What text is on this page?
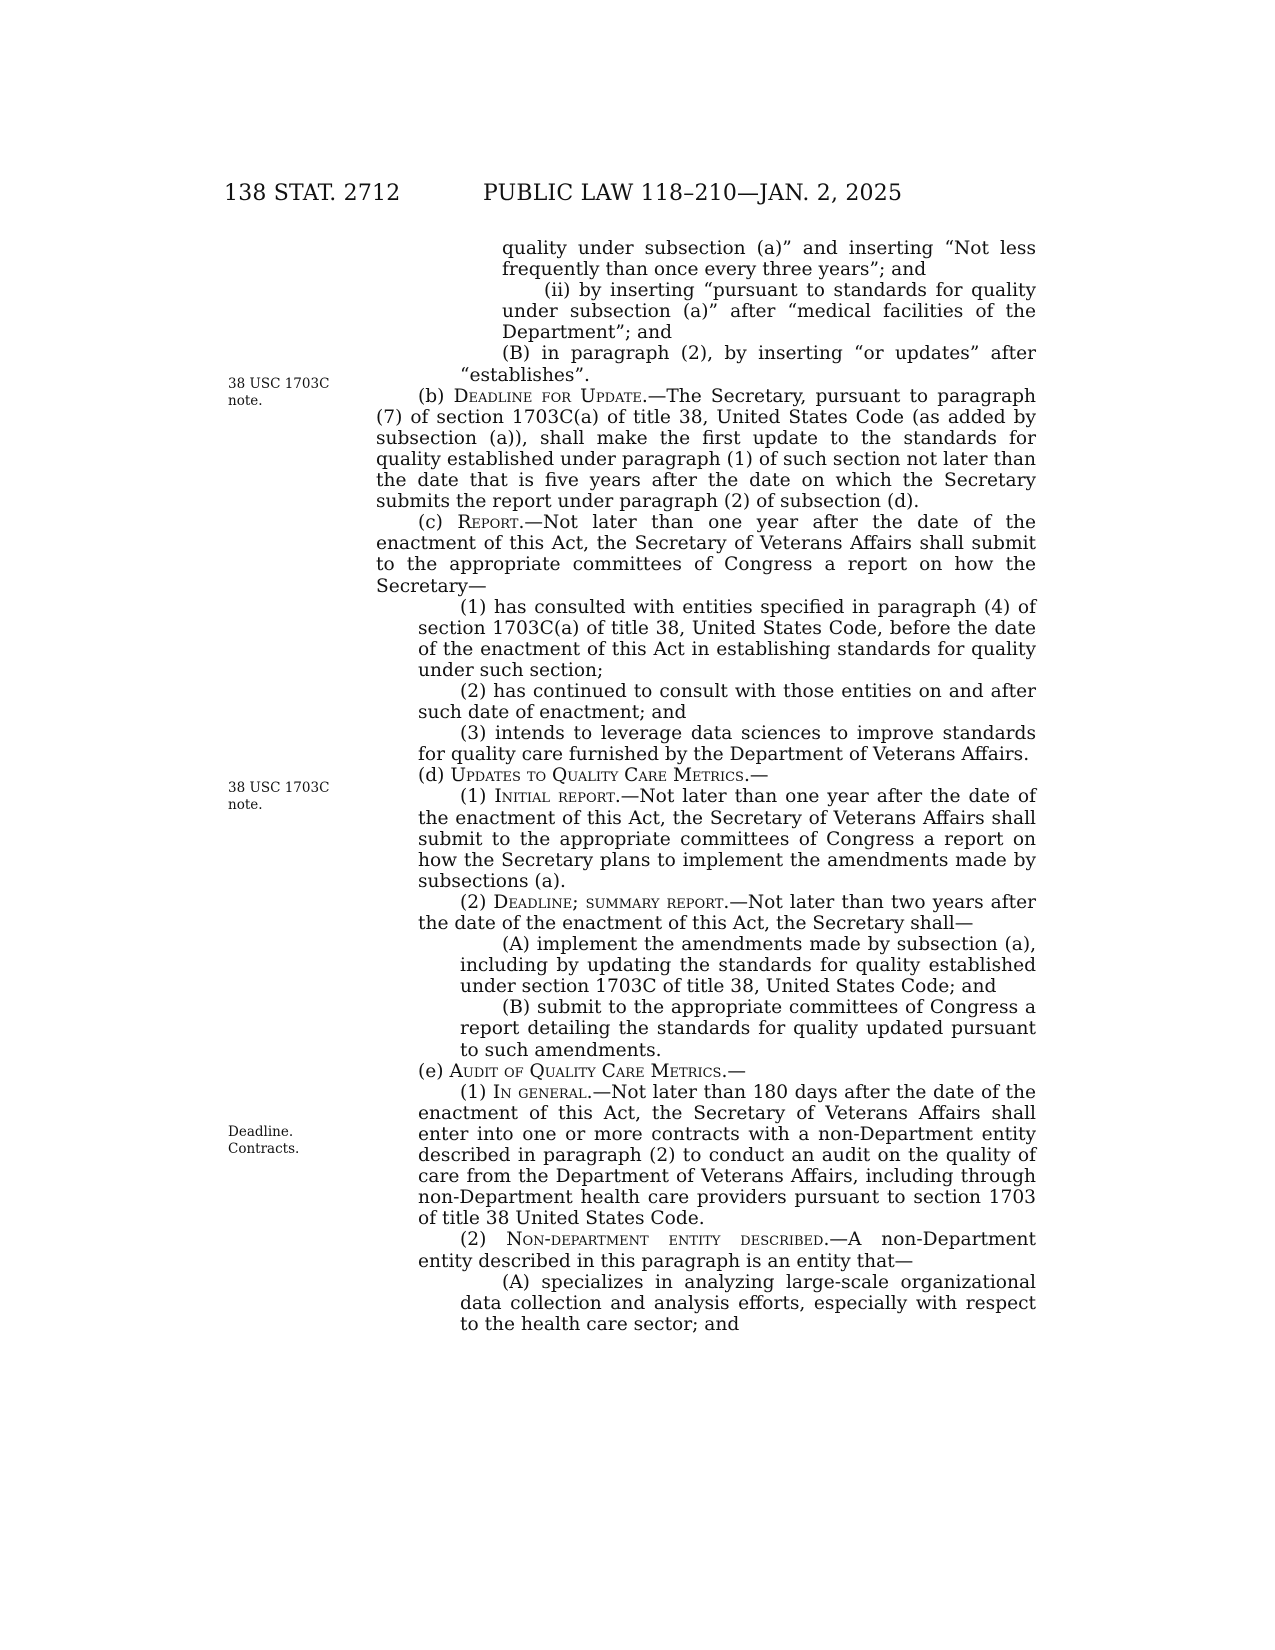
138 STAT. 2712	PUBLIC LAW 118–210—JAN. 2, 2025
38 USC 1703C
note.
38 USC 1703C
note.
Deadline.
Contracts.

quality under subsection (a)” and inserting “Not less frequently than once every three years”; and

(ii) by inserting “pursuant to standards for quality under subsection (a)” after “medical facilities of the Department”; and

(B) in paragraph (2), by inserting “or updates” after “establishes”.

(b) Deadline for Update.—The Secretary, pursuant to paragraph (7) of section 1703C(a) of title 38, United States Code (as added by subsection (a)), shall make the first update to the standards for quality established under paragraph (1) of such section not later than the date that is five years after the date on which the Secretary submits the report under paragraph (2) of subsection (d).

(c) Report.—Not later than one year after the date of the enactment of this Act, the Secretary of Veterans Affairs shall submit to the appropriate committees of Congress a report on how the Secretary—

(1) has consulted with entities specified in paragraph (4) of section 1703C(a) of title 38, United States Code, before the date of the enactment of this Act in establishing standards for quality under such section;

(2) has continued to consult with those entities on and after such date of enactment; and

(3) intends to leverage data sciences to improve standards for quality care furnished by the Department of Veterans Affairs.

(d) Updates to Quality Care Metrics.—

(1) Initial report.—Not later than one year after the date of the enactment of this Act, the Secretary of Veterans Affairs shall submit to the appropriate committees of Congress a report on how the Secretary plans to implement the amendments made by subsections (a).

(2) Deadline; summary report.—Not later than two years after the date of the enactment of this Act, the Secretary shall—

(A) implement the amendments made by subsection (a), including by updating the standards for quality established under section 1703C of title 38, United States Code; and

(B) submit to the appropriate committees of Congress a report detailing the standards for quality updated pursuant to such amendments.

(e) Audit of Quality Care Metrics.—

(1) In general.—Not later than 180 days after the date of the enactment of this Act, the Secretary of Veterans Affairs shall enter into one or more contracts with a non-Department entity described in paragraph (2) to conduct an audit on the quality of care from the Department of Veterans Affairs, including through non-Department health care providers pursuant to section 1703 of title 38 United States Code.

(2) Non-department entity described.—A non-Department entity described in this paragraph is an entity that—

(A) specializes in analyzing large-scale organizational data collection and analysis efforts, especially with respect to the health care sector; and
